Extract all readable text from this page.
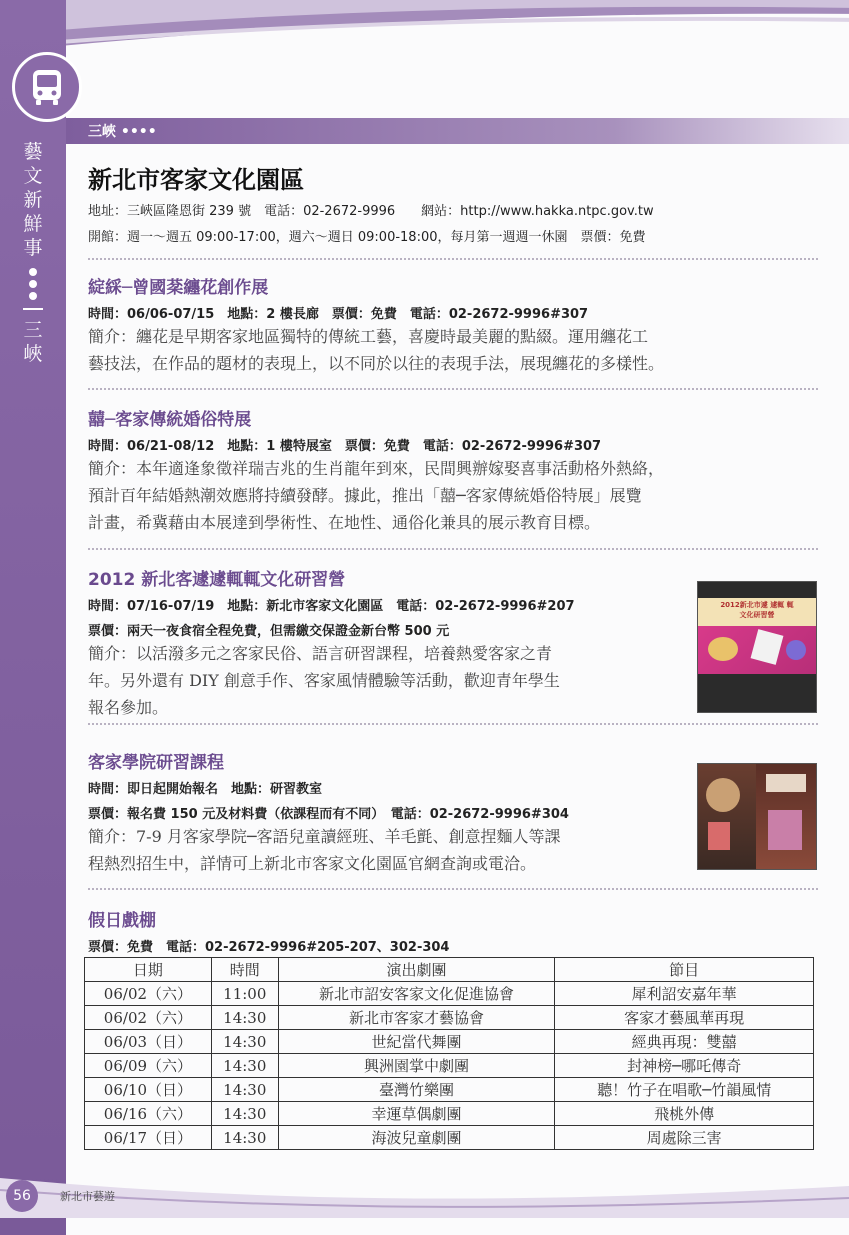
藝
文
新
鮮
事
三
峽
三峽 ••••
新北市客家文化園區
地址：三峽區隆恩街 239 號　電話：02-2672-9996　　網站：http://www.hakka.ntpc.gov.tw
開館：週一～週五 09:00-17:00，週六～週日 09:00-18:00，每月第一週週一休園　票價：免費
綻綵─曾國棻纏花創作展
時間：06/06-07/15　地點：2 樓長廊　票價：免費　電話：02-2672-9996#307
簡介：纏花是早期客家地區獨特的傳統工藝，喜慶時最美麗的點綴。運用纏花工
藝技法，在作品的題材的表現上，以不同於以往的表現手法，展現纏花的多樣性。
囍─客家傳統婚俗特展
時間：06/21-08/12　地點：1 樓特展室　票價：免費　電話：02-2672-9996#307
簡介：本年適逢象徵祥瑞吉兆的生肖龍年到來，民間興辦嫁娶喜事活動格外熱絡，
預計百年結婚熱潮效應將持續發酵。據此，推出「囍─客家傳統婚俗特展」展覽
計畫，希冀藉由本展達到學術性、在地性、通俗化兼具的展示教育目標。
2012 新北客遽遽輒輒文化研習營
時間：07/16-07/19　地點：新北市客家文化園區　電話：02-2672-9996#207
票價：兩天一夜食宿全程免費，但需繳交保證金新台幣 500 元
簡介：以活潑多元之客家民俗、語言研習課程，培養熱愛客家之青
年。另外還有 DIY 創意手作、客家風情體驗等活動，歡迎青年學生
報名參加。
客家學院研習課程
時間：即日起開始報名　地點：研習教室
票價：報名費 150 元及材料費（依課程而有不同）　電話：02-2672-9996#304
簡介：7-9 月客家學院─客語兒童讀經班、羊毛氈、創意捏麵人等課
程熱烈招生中，詳情可上新北市客家文化園區官網查詢或電洽。
假日戲棚
票價：免費　電話：02-2672-9996#205-207、302-304
2012新北市遽 遽輒 輒
文化研習營
日期	時間	演出劇團	節目
06/02（六）	11:00	新北市詔安客家文化促進協會	犀利詔安嘉年華
06/02（六）	14:30	新北市客家才藝協會	客家才藝風華再現
06/03（日）	14:30	世紀當代舞團	經典再現：雙囍
06/09（六）	14:30	興洲園掌中劇團	封神榜─哪吒傳奇
06/10（日）	14:30	臺灣竹樂團	聽！竹子在唱歌─竹韻風情
06/16（六）	14:30	幸運草偶劇團	飛桃外傳
06/17（日）	14:30	海波兒童劇團	周處除三害
56	新北市藝遊
